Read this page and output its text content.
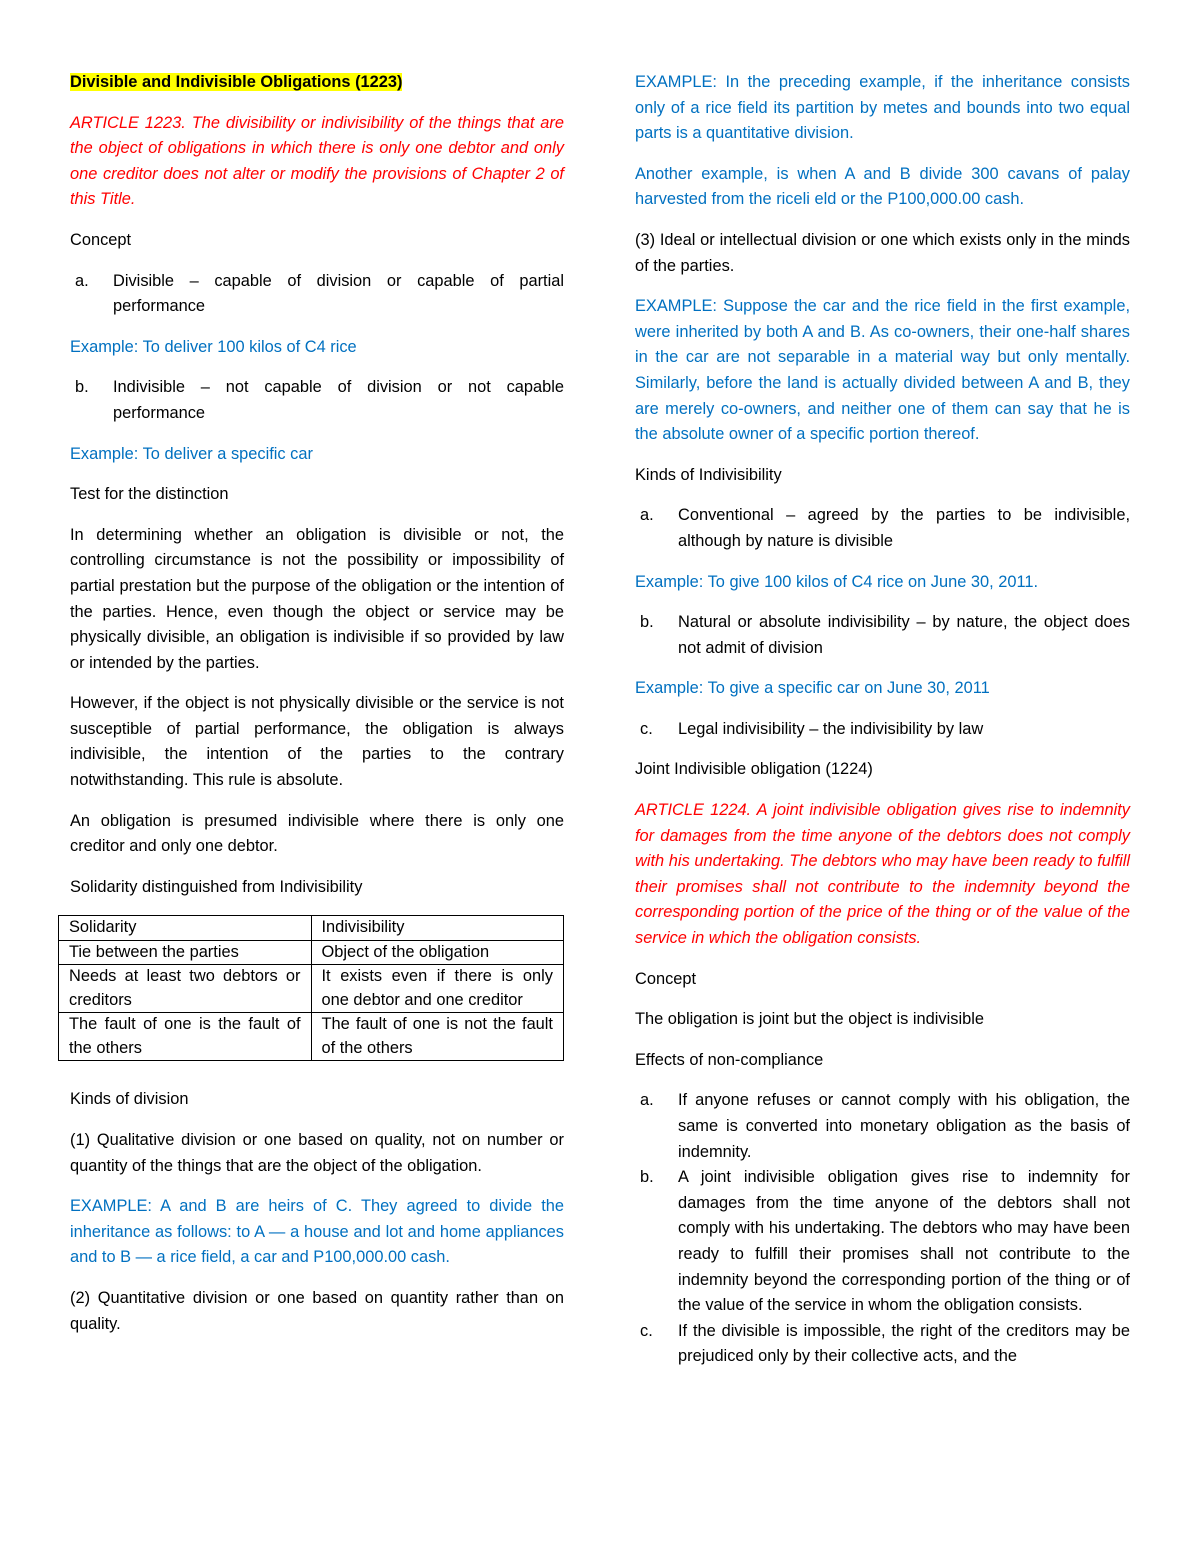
Divisible and Indivisible Obligations (1223)

ARTICLE 1223. The divisibility or indivisibility of the things that are the object of obligations in which there is only one debtor and only one creditor does not alter or modify the provisions of Chapter 2 of this Title.

Concept

a. Divisible – capable of division or capable of partial performance

Example: To deliver 100 kilos of C4 rice

b. Indivisible – not capable of division or not capable performance

Example: To deliver a specific car

Test for the distinction

In determining whether an obligation is divisible or not, the controlling circumstance is not the possibility or impossibility of partial prestation but the purpose of the obligation or the intention of the parties. Hence, even though the object or service may be physically divisible, an obligation is indivisible if so provided by law or intended by the parties.

However, if the object is not physically divisible or the service is not susceptible of partial performance, the obligation is always indivisible, the intention of the parties to the contrary notwithstanding. This rule is absolute.

An obligation is presumed indivisible where there is only one creditor and only one debtor.

Solidarity distinguished from Indivisibility

Solidarity	Indivisibility
Tie between the parties	Object of the obligation
Needs at least two debtors or creditors	It exists even if there is only one debtor and one creditor
The fault of one is the fault of the others	The fault of one is not the fault of the others

Kinds of division

(1) Qualitative division or one based on quality, not on number or quantity of the things that are the object of the obligation.

EXAMPLE: A and B are heirs of C. They agreed to divide the inheritance as follows: to A — a house and lot and home appliances and to B — a rice field, a car and P100,000.00 cash.

(2) Quantitative division or one based on quantity rather than on quality.

EXAMPLE: In the preceding example, if the inheritance consists only of a rice field its partition by metes and bounds into two equal parts is a quantitative division.

Another example, is when A and B divide 300 cavans of palay harvested from the riceli eld or the P100,000.00 cash.

(3) Ideal or intellectual division or one which exists only in the minds of the parties.

EXAMPLE: Suppose the car and the rice field in the first example, were inherited by both A and B. As co-owners, their one-half shares in the car are not separable in a material way but only mentally. Similarly, before the land is actually divided between A and B, they are merely co-owners, and neither one of them can say that he is the absolute owner of a specific portion thereof.

Kinds of Indivisibility

a. Conventional – agreed by the parties to be indivisible, although by nature is divisible

Example: To give 100 kilos of C4 rice on June 30, 2011.

b. Natural or absolute indivisibility – by nature, the object does not admit of division

Example: To give a specific car on June 30, 2011

c. Legal indivisibility – the indivisibility by law

Joint Indivisible obligation (1224)

ARTICLE 1224. A joint indivisible obligation gives rise to indemnity for damages from the time anyone of the debtors does not comply with his undertaking. The debtors who may have been ready to fulfill their promises shall not contribute to the indemnity beyond the corresponding portion of the price of the thing or of the value of the service in which the obligation consists.

Concept

The obligation is joint but the object is indivisible

Effects of non-compliance

a. If anyone refuses or cannot comply with his obligation, the same is converted into monetary obligation as the basis of indemnity.
b. A joint indivisible obligation gives rise to indemnity for damages from the time anyone of the debtors shall not comply with his undertaking. The debtors who may have been ready to fulfill their promises shall not contribute to the indemnity beyond the corresponding portion of the thing or of the value of the service in whom the obligation consists.
c. If the divisible is impossible, the right of the creditors may be prejudiced only by their collective acts, and the
